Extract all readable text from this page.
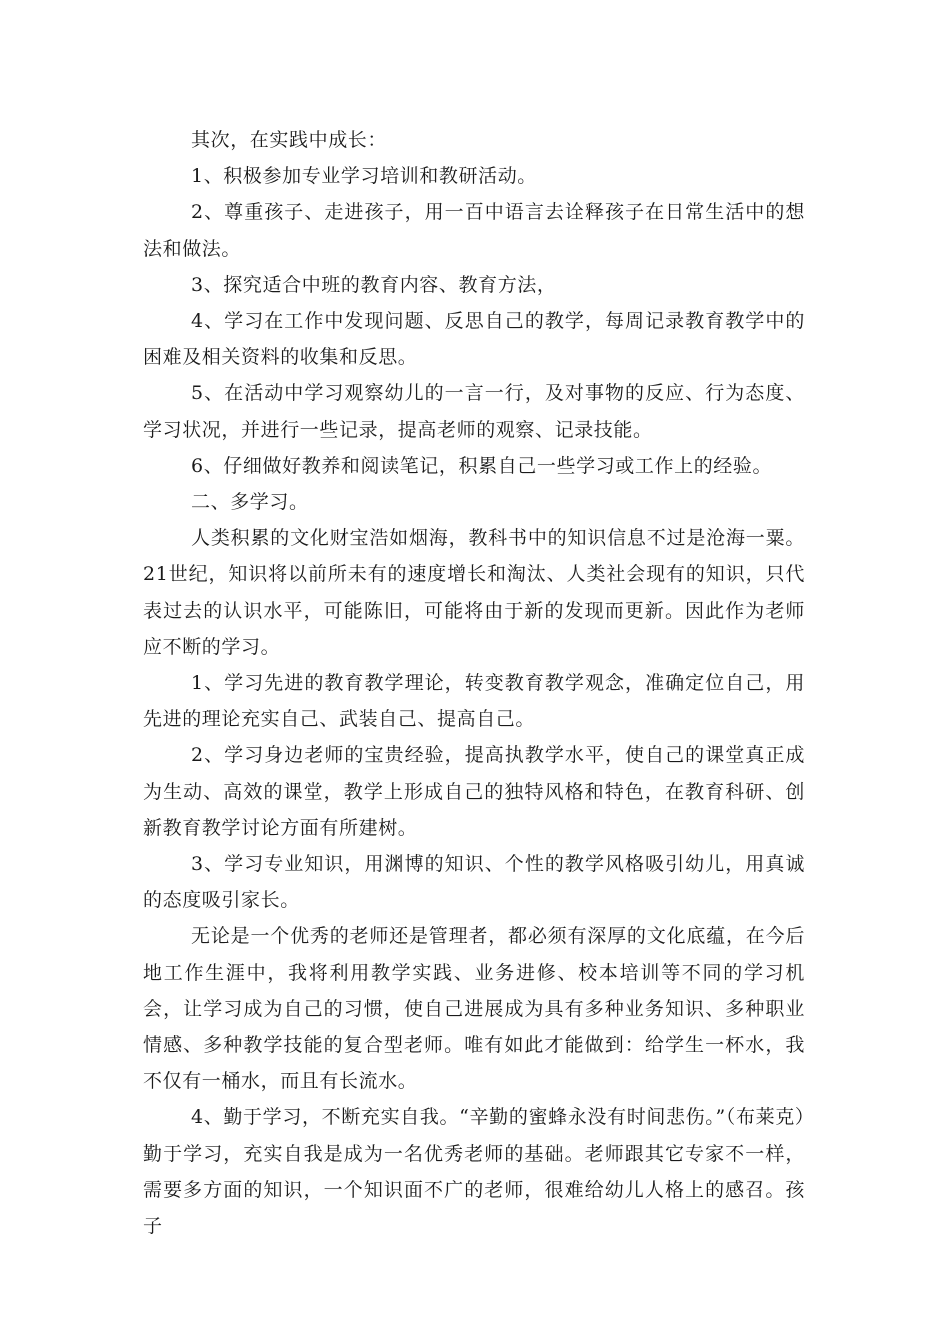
其次，在实践中成长：

1、积极参加专业学习培训和教研活动。

2、尊重孩子、走进孩子，用一百中语言去诠释孩子在日常生活中的想法和做法。

3、探究适合中班的教育内容、教育方法，

4、学习在工作中发现问题、反思自己的教学，每周记录教育教学中的困难及相关资料的收集和反思。

5、在活动中学习观察幼儿的一言一行，及对事物的反应、行为态度、学习状况，并进行一些记录，提高老师的观察、记录技能。

6、仔细做好教养和阅读笔记，积累自己一些学习或工作上的经验。

二、多学习。

人类积累的文化财宝浩如烟海，教科书中的知识信息不过是沧海一粟。21世纪，知识将以前所未有的速度增长和淘汰、人类社会现有的知识，只代表过去的认识水平，可能陈旧，可能将由于新的发现而更新。因此作为老师应不断的学习。

1、学习先进的教育教学理论，转变教育教学观念，准确定位自己，用先进的理论充实自己、武装自己、提高自己。

2、学习身边老师的宝贵经验，提高执教学水平，使自己的课堂真正成为生动、高效的课堂，教学上形成自己的独特风格和特色，在教育科研、创新教育教学讨论方面有所建树。

3、学习专业知识，用渊博的知识、个性的教学风格吸引幼儿，用真诚的态度吸引家长。

无论是一个优秀的老师还是管理者，都必须有深厚的文化底蕴，在今后地工作生涯中，我将利用教学实践、业务进修、校本培训等不同的学习机会，让学习成为自己的习惯，使自己进展成为具有多种业务知识、多种职业情感、多种教学技能的复合型老师。唯有如此才能做到：给学生一杯水，我不仅有一桶水，而且有长流水。

4、勤于学习，不断充实自我。“辛勤的蜜蜂永没有时间悲伤。”（布莱克）勤于学习，充实自我是成为一名优秀老师的基础。老师跟其它专家不一样，需要多方面的知识，一个知识面不广的老师，很难给幼儿人格上的感召。孩子
